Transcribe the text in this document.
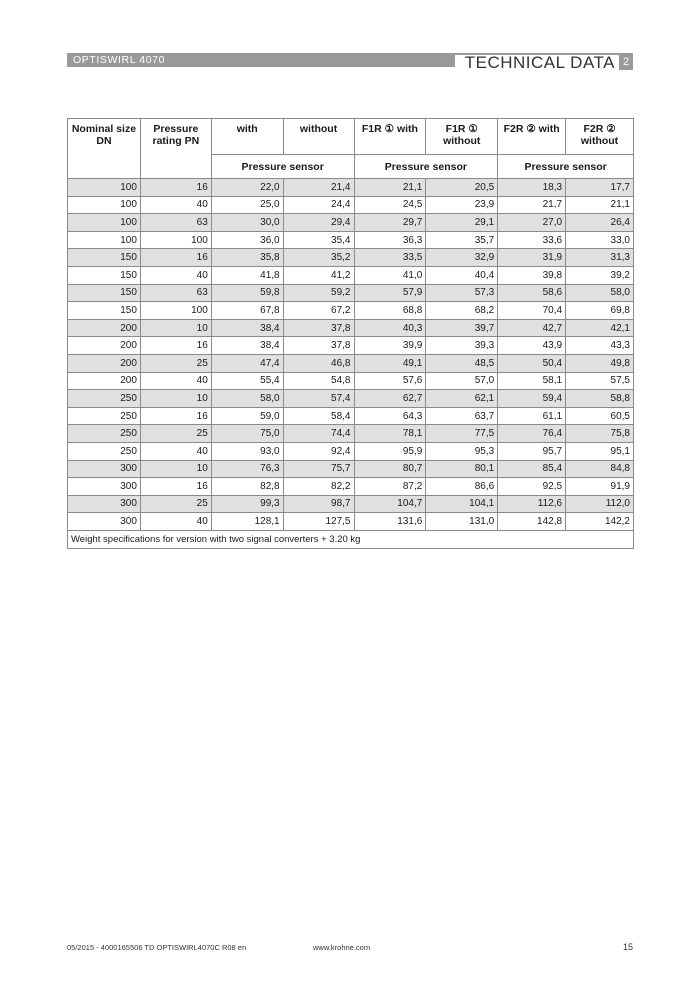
OPTISWIRL 4070	TECHNICAL DATA 2
Nominal size DN	Pressure rating PN	with	without	F1R ① with	F1R ① without	F2R ② with	F2R ② without
		Pressure sensor		Pressure sensor		Pressure sensor	
100	16	22,0	21,4	21,1	20,5	18,3	17,7
100	40	25,0	24,4	24,5	23,9	21,7	21,1
100	63	30,0	29,4	29,7	29,1	27,0	26,4
100	100	36,0	35,4	36,3	35,7	33,6	33,0
150	16	35,8	35,2	33,5	32,9	31,9	31,3
150	40	41,8	41,2	41,0	40,4	39,8	39,2
150	63	59,8	59,2	57,9	57,3	58,6	58,0
150	100	67,8	67,2	68,8	68,2	70,4	69,8
200	10	38,4	37,8	40,3	39,7	42,7	42,1
200	16	38,4	37,8	39,9	39,3	43,9	43,3
200	25	47,4	46,8	49,1	48,5	50,4	49,8
200	40	55,4	54,8	57,6	57,0	58,1	57,5
250	10	58,0	57,4	62,7	62,1	59,4	58,8
250	16	59,0	58,4	64,3	63,7	61,1	60,5
250	25	75,0	74,4	78,1	77,5	76,4	75,8
250	40	93,0	92,4	95,9	95,3	95,7	95,1
300	10	76,3	75,7	80,7	80,1	85,4	84,8
300	16	82,8	82,2	87,2	86,6	92,5	91,9
300	25	99,3	98,7	104,7	104,1	112,6	112,0
300	40	128,1	127,5	131,6	131,0	142,8	142,2
Weight specifications for version with two signal converters + 3.20 kg							
05/2015 - 4000165506 TD OPTISWIRL4070C R08 en	www.krohne.com	15
